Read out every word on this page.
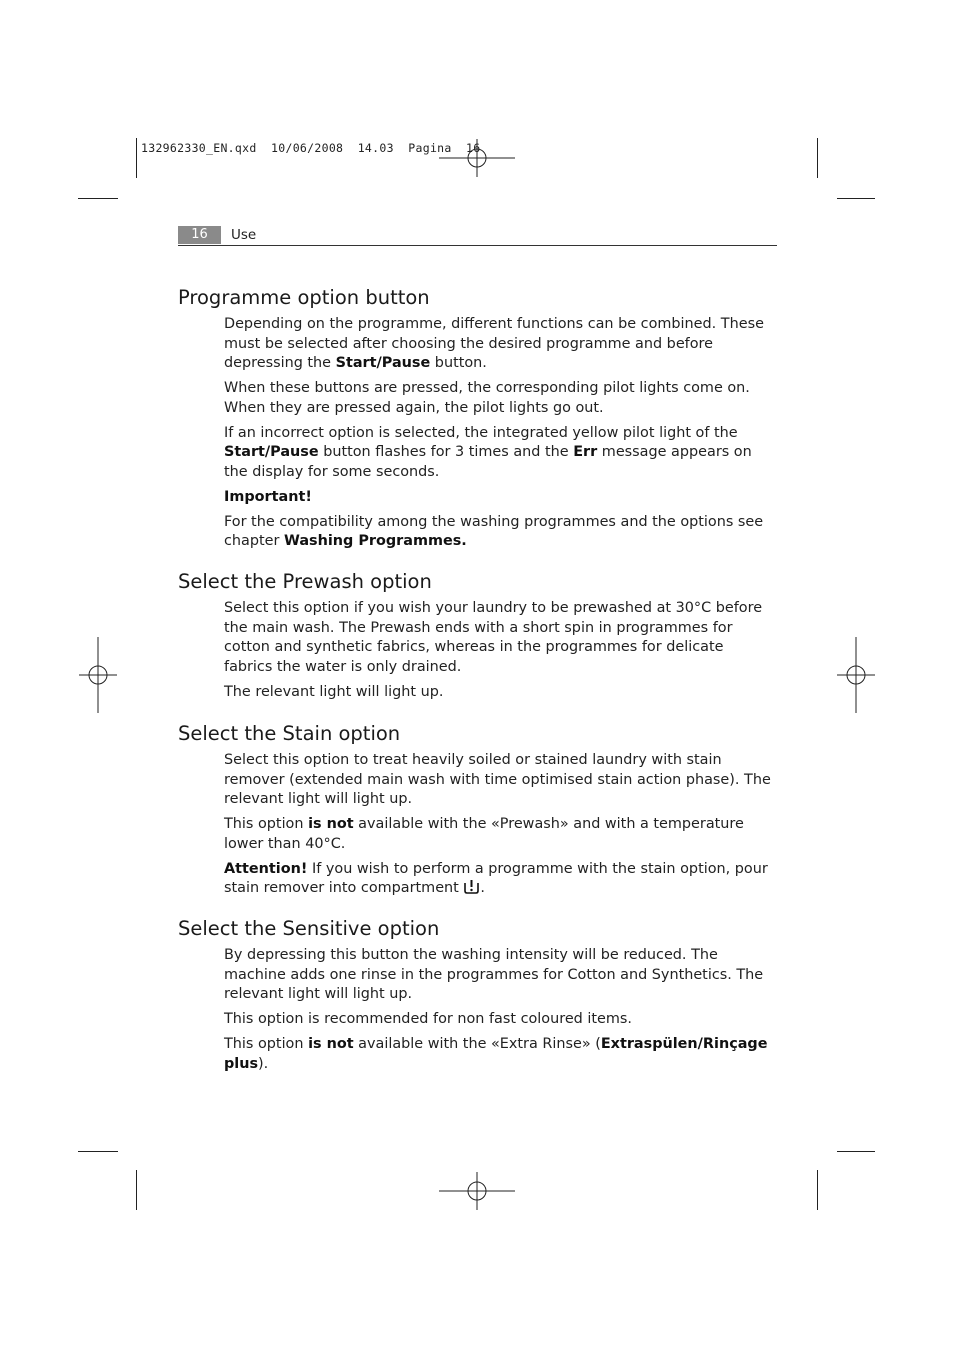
132962330_EN.qxd  10/06/2008  14.03  Pagina  16
16	Use
Programme option button

Depending on the programme, different functions can be combined. These must be selected after choosing the desired programme and before depressing the Start/Pause button.

When these buttons are pressed, the corresponding pilot lights come on. When they are pressed again, the pilot lights go out.

If an incorrect option is selected, the integrated yellow pilot light of the Start/Pause button flashes for 3 times and the Err message appears on the display for some seconds.

Important!

For the compatibility among the washing programmes and the options see chapter Washing Programmes.

Select the Prewash option

Select this option if you wish your laundry to be prewashed at 30°C before the main wash. The Prewash ends with a short spin in programmes for cotton and synthetic fabrics, whereas in the programmes for delicate fabrics the water is only drained.

The relevant light will light up.

Select the Stain option

Select this option to treat heavily soiled or stained laundry with stain remover (extended main wash with time optimised stain action phase). The relevant light will light up.

This option is not available with the «Prewash» and with a temperature lower than 40°C.

Attention! If you wish to perform a programme with the stain option, pour stain remover into compartment .

Select the Sensitive option

By depressing this button the washing intensity will be reduced. The machine adds one rinse in the programmes for Cotton and Synthetics. The relevant light will light up.

This option is recommended for non fast coloured items.

This option is not available with the «Extra Rinse» (Extraspülen/Rinçage plus).
